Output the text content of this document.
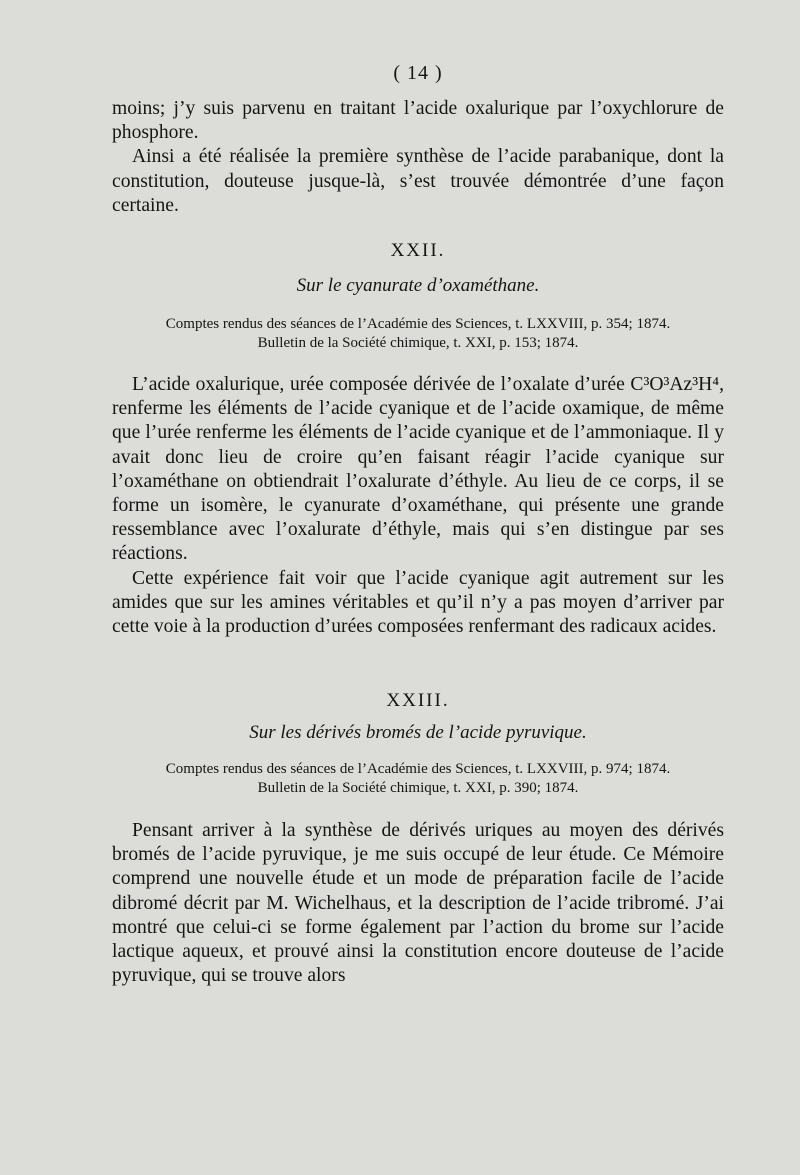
( 14 )

moins; j’y suis parvenu en traitant l’acide oxalurique par l’oxychlorure de phosphore.

Ainsi a été réalisée la première synthèse de l’acide parabanique, dont la constitution, douteuse jusque-là, s’est trouvée démontrée d’une façon certaine.

XXII.

Sur le cyanurate d’oxaméthane.

Comptes rendus des séances de l’Académie des Sciences, t. LXXVIII, p. 354; 1874.

Bulletin de la Société chimique, t. XXI, p. 153; 1874.

L’acide oxalurique, urée composée dérivée de l’oxalate d’urée C³O³Az³H⁴, renferme les éléments de l’acide cyanique et de l’acide oxamique, de même que l’urée renferme les éléments de l’acide cyanique et de l’ammoniaque. Il y avait donc lieu de croire qu’en faisant réagir l’acide cyanique sur l’oxaméthane on obtiendrait l’oxalurate d’éthyle. Au lieu de ce corps, il se forme un isomère, le cyanurate d’oxaméthane, qui présente une grande ressemblance avec l’oxalurate d’éthyle, mais qui s’en distingue par ses réactions.

Cette expérience fait voir que l’acide cyanique agit autrement sur les amides que sur les amines véritables et qu’il n’y a pas moyen d’arriver par cette voie à la production d’urées composées renfermant des radicaux acides.

XXIII.

Sur les dérivés bromés de l’acide pyruvique.

Comptes rendus des séances de l’Académie des Sciences, t. LXXVIII, p. 974; 1874.

Bulletin de la Société chimique, t. XXI, p. 390; 1874.

Pensant arriver à la synthèse de dérivés uriques au moyen des dérivés bromés de l’acide pyruvique, je me suis occupé de leur étude. Ce Mémoire comprend une nouvelle étude et un mode de préparation facile de l’acide dibromé décrit par M. Wichelhaus, et la description de l’acide tribromé. J’ai montré que celui-ci se forme également par l’action du brome sur l’acide lactique aqueux, et prouvé ainsi la constitution encore douteuse de l’acide pyruvique, qui se trouve alors
